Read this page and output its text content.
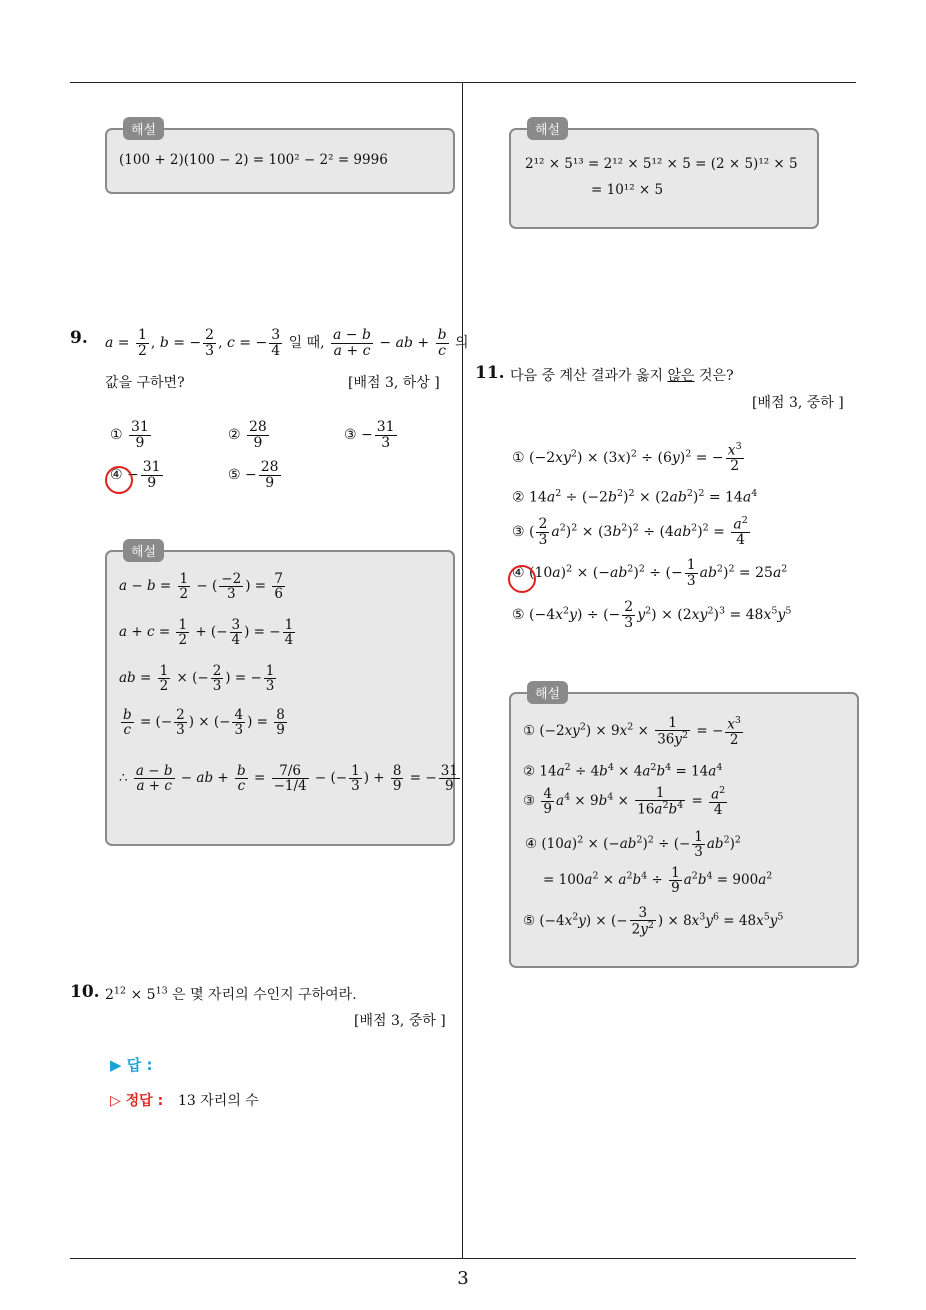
3
해설
(100 + 2)(100 − 2) = 100² − 2² = 9996
해설
2¹² × 5¹³ = 2¹² × 5¹² × 5 = (2 × 5)¹² × 5
= 10¹² × 5
9. $a = \frac{1}{2}$ , b = − $\frac{2}{3}$ , c = − $\frac{3}{4}$ 일 때, $\frac{a - b}{a + c}$ − ab + $\frac{b}{c}$ 의
값을 구하면?	[배점 3, 하상 ]
① $\frac{31}{9}$	② $\frac{28}{9}$	③ − $\frac{31}{3}$
④ − $\frac{31}{9}$	⑤ − $\frac{28}{9}$
해설
$a - b = \frac{1}{2}$ − ( $\frac{-2}{3}$ ) = $\frac{7}{6}$
$a + c = \frac{1}{2}$ + (− $\frac{3}{4}$ ) = − $\frac{1}{4}$
ab = $\frac{1}{2}$ × (− $\frac{2}{3}$ ) = − $\frac{1}{3}$
$\frac{b}{c}$ = (− $\frac{2}{3}$ ) × (− $\frac{4}{3}$ ) = $\frac{8}{9}$
∴ $\frac{a - b}{a + c}$ − ab + $\frac{b}{c} = \frac{7/6}{-1/4}$ − (− $\frac{1}{3}$ ) + $\frac{8}{9}$ = − $\frac{31}{9}$
10. $2^{12} \times 5^{13}$ 은 몇 자리의 수인지 구하여라.
[배점 3, 중하 ]
▶ 답 :
▷ 정답 : 13 자리의 수
11. 다음 중 계산 결과가 옳지 않은 것은?
[배점 3, 중하 ]
① $(-2xy^2) \times (3x)^2 \div (6y)^2$ = − $\frac{x^3}{2}$
② $14a^2 \div (-2b^2)^2 \times (2ab^2)^2 = 14a^4$
③ ( $\frac{2}{3} a^2)^2 \times (3b^2)^2 \div (4ab^2)^2 = \frac{a^2}{4}$
④ $(10a)^2 \times (-ab^2)^2$ ÷ (− $\frac{1}{3} ab^2)^2 = 25a^2$
⑤ $(-4x^2y)$ ÷ (− $\frac{2}{3} y^2) \times (2xy^2)^3 = 48x^5y^5$
해설
① $(-2xy^2) \times 9x^2 \times \frac{1}{36y^2}$ = − $\frac{x^3}{2}$
② $14a^2 \div 4b^4 \times 4a^2b^4 = 14a^4$
③ $\frac{4}{9} a^4 \times 9b^4 \times \frac{1}{16a^2b^4} = \frac{a^2}{4}$
④ $(10a)^2 \times (-ab^2)^2$ ÷ (− $\frac{1}{3} ab^2)^2$
= $100a^2 \times a^2b^4 \div \frac{1}{9} a^2b^4 = 900a^2$
⑤ $(-4x^2y)$ × (− $\frac{3}{2y^2}$ ) × $8x^3y^6 = 48x^5y^5$
